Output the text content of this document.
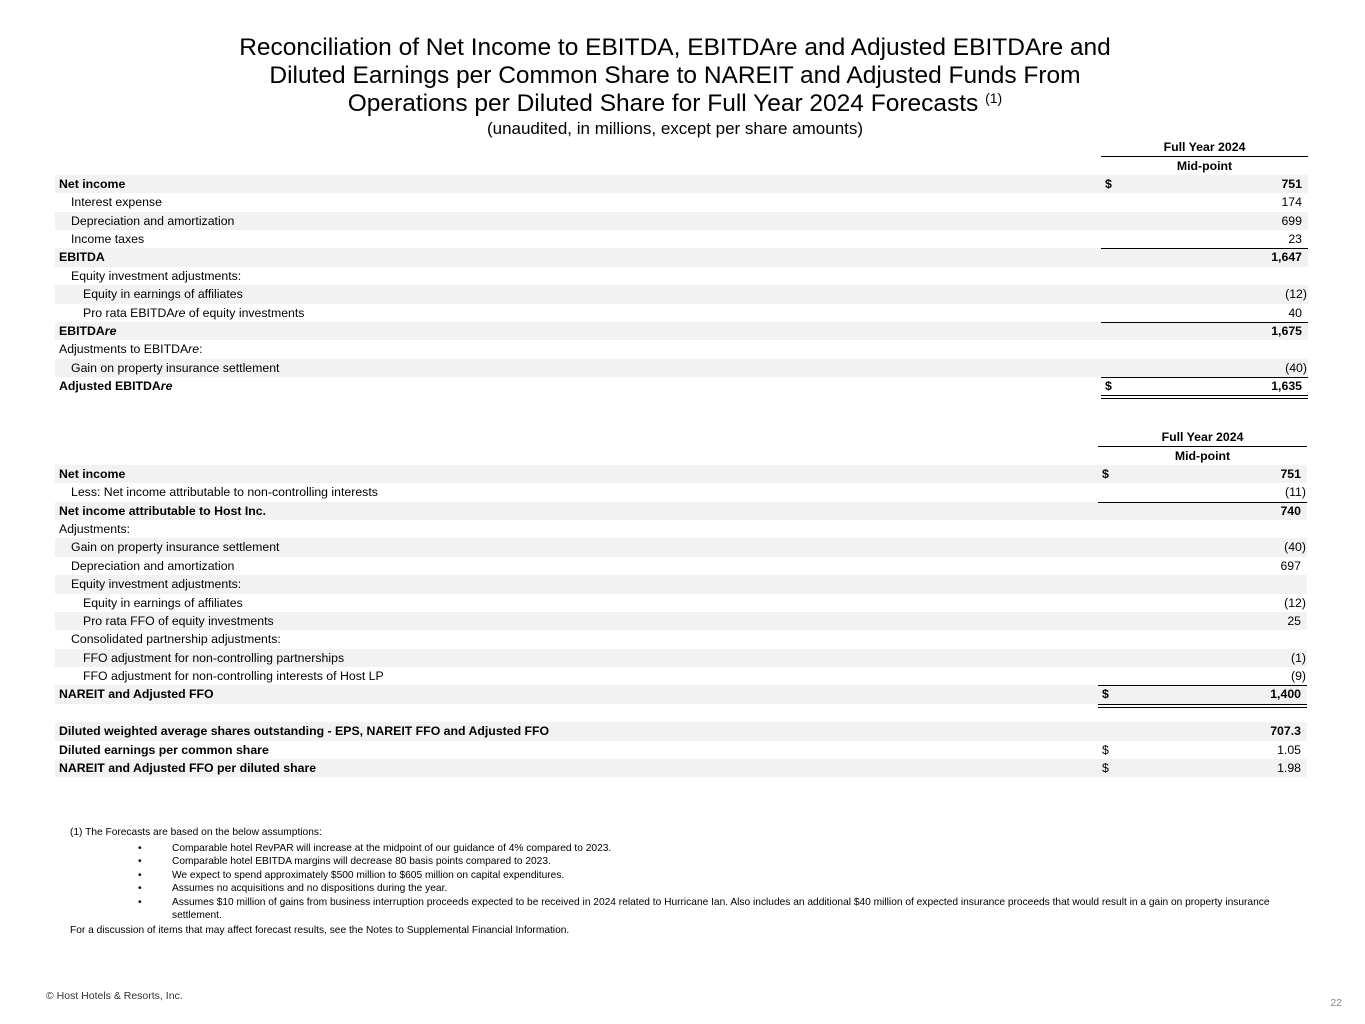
Reconciliation of Net Income to EBITDA, EBITDAre and Adjusted EBITDAre and
Diluted Earnings per Common Share to NAREIT and Adjusted Funds From
Operations per Diluted Share for Full Year 2024 Forecasts $^{(1)}$
(unaudited, in millions, except per share amounts)
Full Year 2024
Mid-point
Net income	$	751
Interest expense	174
Depreciation and amortization	699
Income taxes	23
EBITDA	1,647
Equity investment adjustments:
Equity in earnings of affiliates	(12)
Pro rata EBITDAre of equity investments	40
EBITDAre	1,675
Adjustments to EBITDAre:
Gain on property insurance settlement	(40)
Adjusted EBITDAre	$	1,635
Full Year 2024
Mid-point
Net income	$	751
Less: Net income attributable to non-controlling interests	(11)
Net income attributable to Host Inc.	740
Adjustments:
Gain on property insurance settlement	(40)
Depreciation and amortization	697
Equity investment adjustments:
Equity in earnings of affiliates	(12)
Pro rata FFO of equity investments	25
Consolidated partnership adjustments:
FFO adjustment for non-controlling partnerships	(1)
FFO adjustment for non-controlling interests of Host LP	(9)
NAREIT and Adjusted FFO	$	1,400
Diluted weighted average shares outstanding - EPS, NAREIT FFO and Adjusted FFO	707.3
Diluted earnings per common share	$	1.05
NAREIT and Adjusted FFO per diluted share	$	1.98
(1) The Forecasts are based on the below assumptions:
•	Comparable hotel RevPAR will increase at the midpoint of our guidance of 4% compared to 2023.
•	Comparable hotel EBITDA margins will decrease 80 basis points compared to 2023.
•	We expect to spend approximately $500 million to $605 million on capital expenditures.
•	Assumes no acquisitions and no dispositions during the year.
•	Assumes $10 million of gains from business interruption proceeds expected to be received in 2024 related to Hurricane Ian. Also includes an additional $40 million of expected insurance proceeds that would result in a gain on property insurance settlement.
For a discussion of items that may affect forecast results, see the Notes to Supplemental Financial Information.
© Host Hotels & Resorts, Inc.
22
